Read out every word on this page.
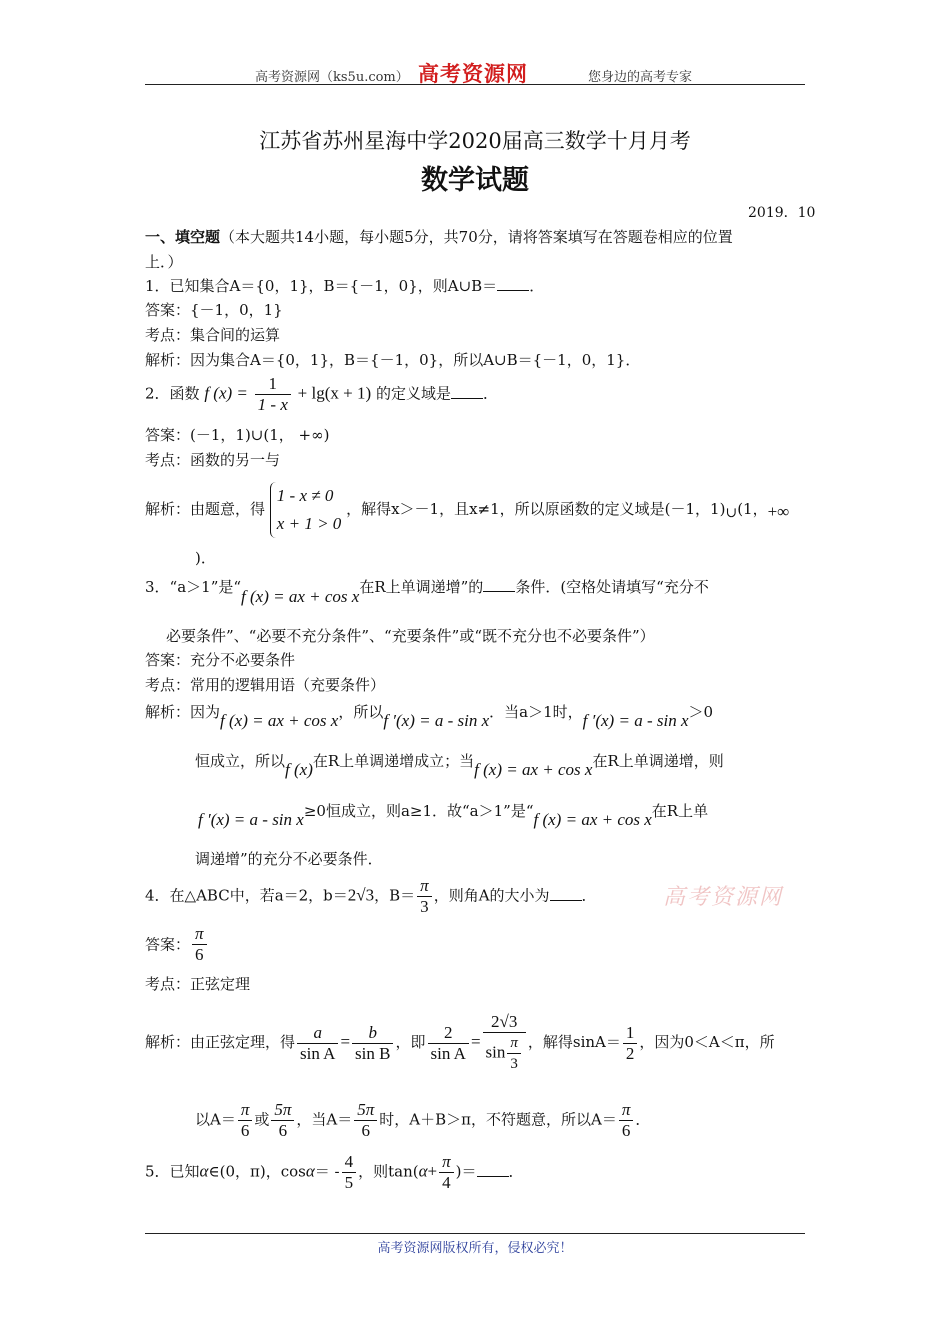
高考资源网（ks5u.com） 高考资源网	您身边的高考专家
江苏省苏州星海中学2020届高三数学十月月考
数学试题
2019．10
一、填空题（本大题共14小题，每小题5分，共70分，请将答案填写在答题卷相应的位置
上．）
1．已知集合A＝{0，1}，B＝{－1，0}，则A∪B＝ ．
答案：{－1，0，1}
考点：集合间的运算
解析：因为集合A＝{0，1}，B＝{－1，0}，所以A∪B＝{－1，0，1}．
2．函数 f $(x) = \frac{1}{1 - x} + \lg(x + 1)$ 的定义域是 ．
答案：(－1，1)∪(1， +∞)
考点：函数的另一与
解析：由题意，得
1 - x ≠ 0
x + 1 > 0
，解得x＞－1，且x≠1，所以原函数的定义域是(－1，1)∪(1，+∞
)．
3．“a＞1”是“f (x) = ax + cos x在R上单调递增”的 条件．(空格处请填写“充分不
必要条件”、“必要不充分条件”、“充要条件”或“既不充分也不必要条件”）
答案：充分不必要条件
考点：常用的逻辑用语（充要条件）
解析：因为f (x) = ax + cos x，所以f ′(x) = a - sin x．当a＞1时，f ′(x) = a - sin x＞0
恒成立，所以f (x)在R上单调递增成立；当f (x) = ax + cos x在R上单调递增，则
f ′(x) = a - sin x≥0恒成立，则a≥1．故“a＞1”是“f (x) = ax + cos x在R上单
调递增”的充分不必要条件．
4．在△ABC中，若a＝2，b＝2√3，$B= \frac{\pi}{3}$ ，则角A的大小为 ．	高考资源网
答案： $\frac{\pi}{6}$
考点：正弦定理
解析：由正弦定理，得 $\frac{a}{\text{sin A}} = \frac{b}{\text{sin B}}$ ，即 $\frac{2}{\text{sin A}} = \frac{2√3}{\sin \frac{\pi}{3}}$ ，解得$\sin A= \frac{1}{2}$ ，因为0＜A＜π，所
以$A= \frac{\pi}{6}$ 或 $\frac{5\pi}{6}$ ，当$A= \frac{5\pi}{6}$ 时，A＋B＞π，不符题意，所以$A= \frac{\pi}{6}$ ．
5．已知α∈(0，π)，$\cos\alpha= - \frac{4}{5}$ ，则$\tan(\alpha+ \frac{\pi}{4}$ )＝ ．
高考资源网版权所有，侵权必究！
